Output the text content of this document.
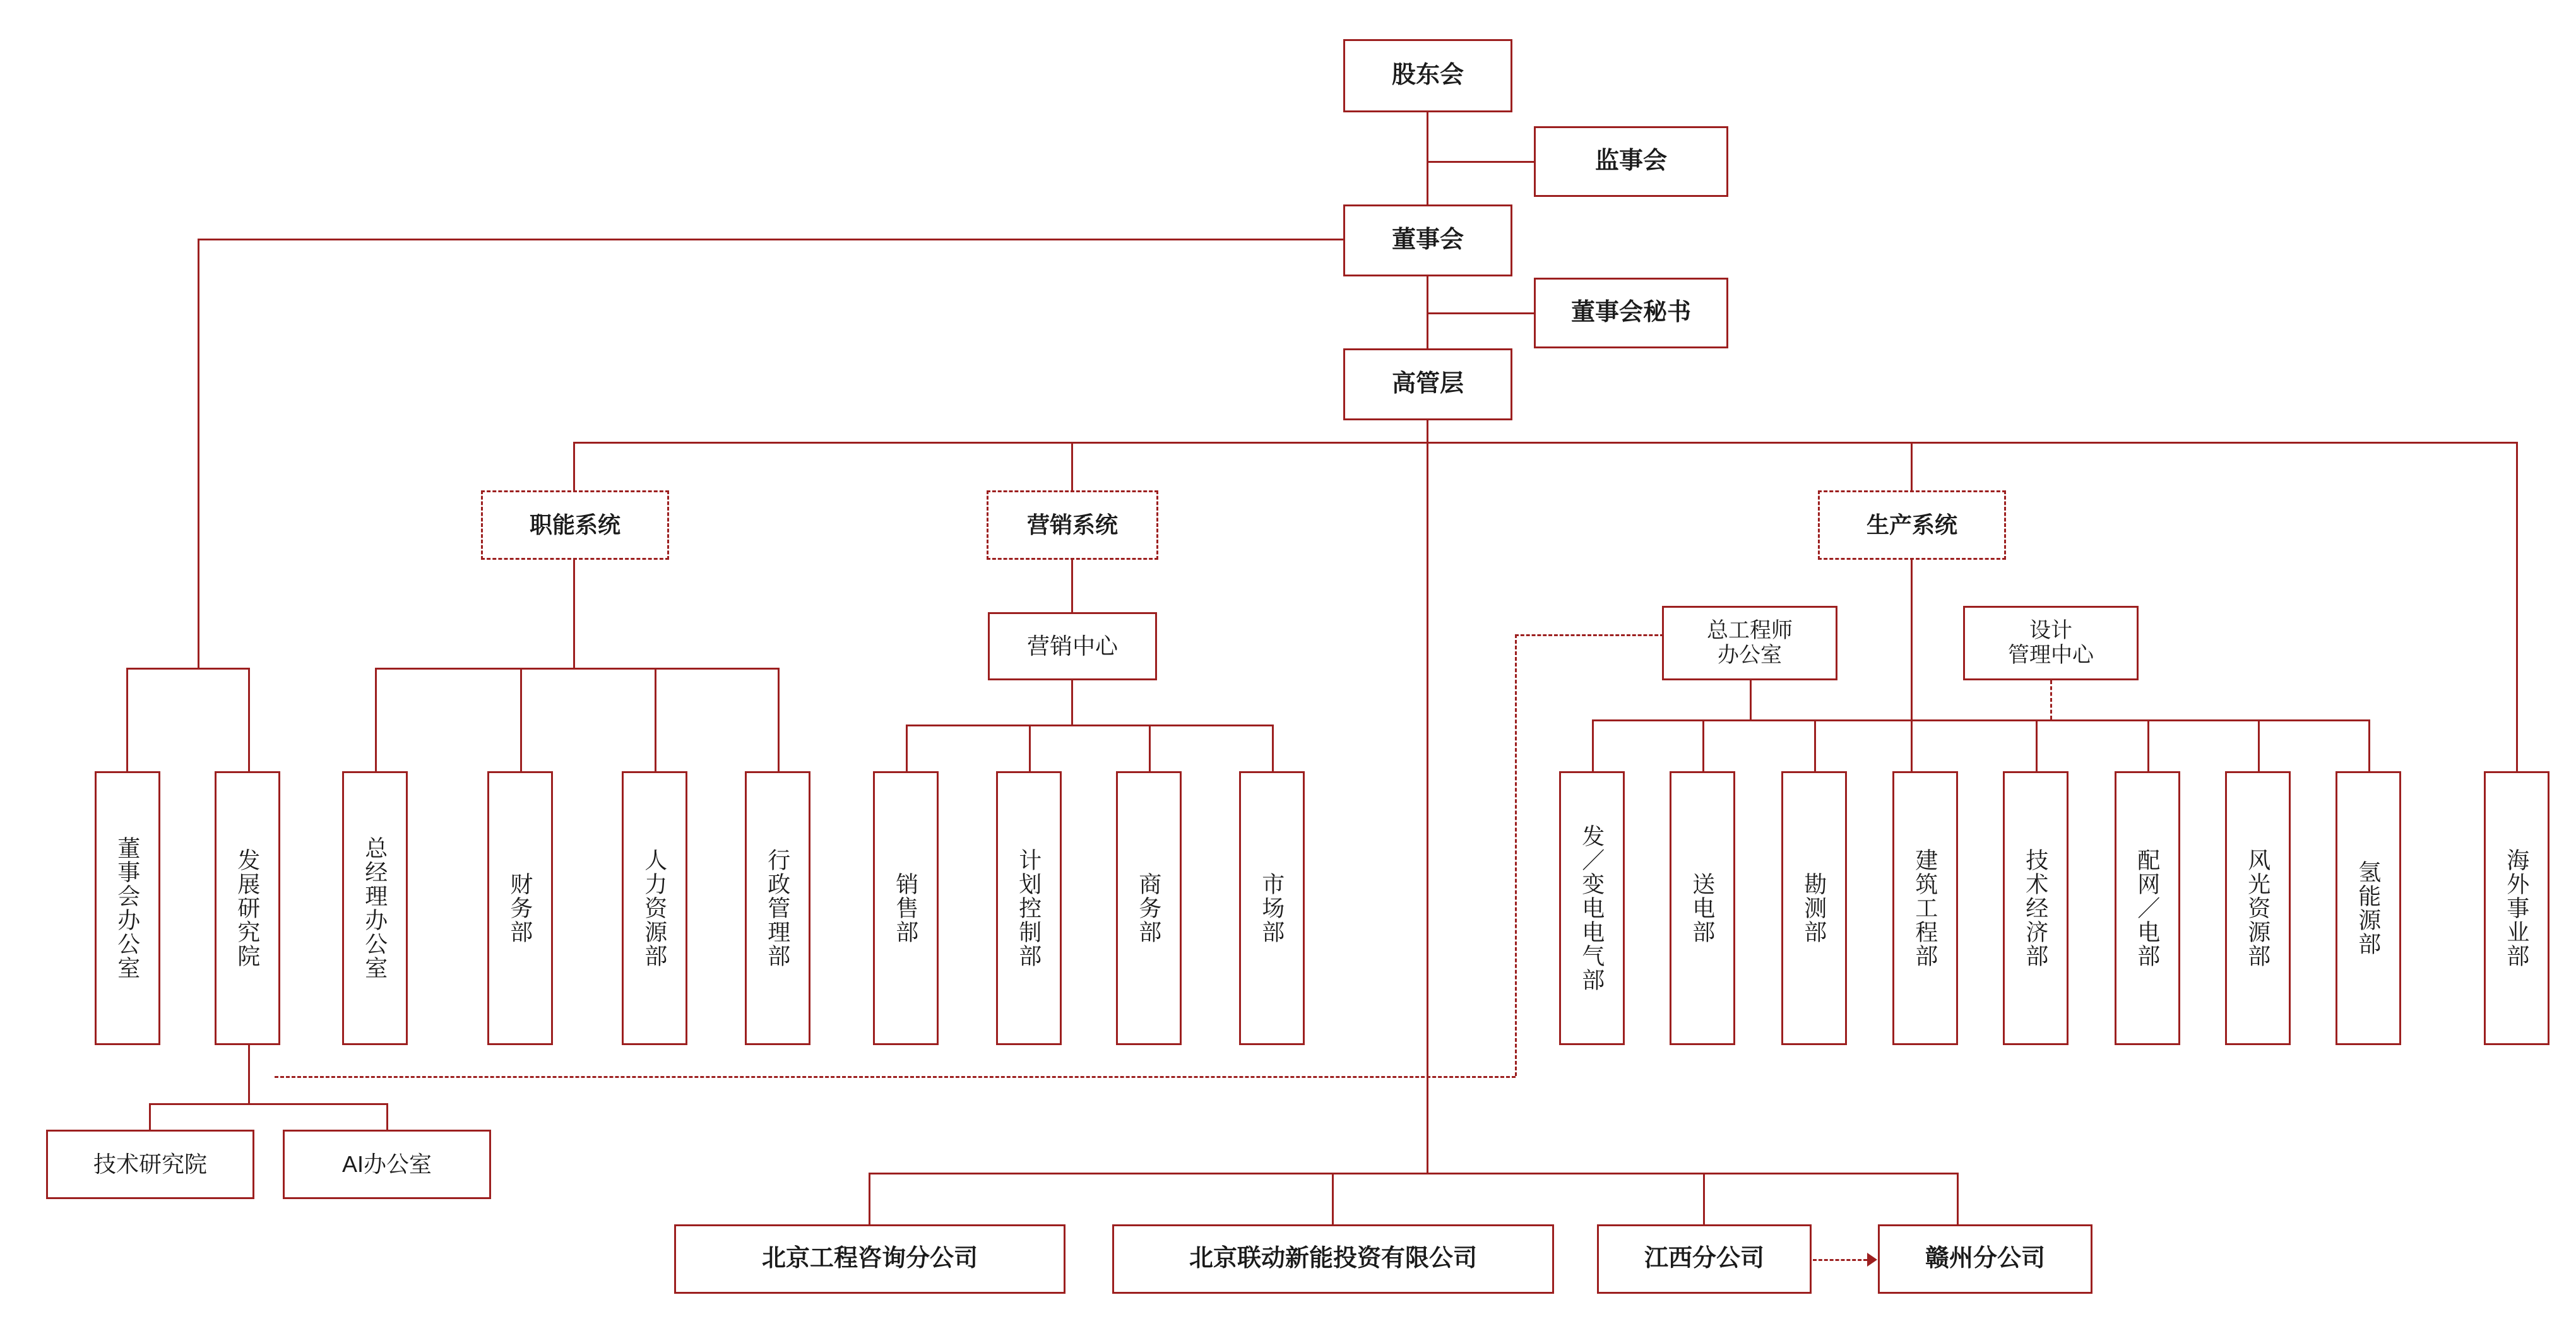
股东会
监事会
董事会
董事会秘书
高管层
职能系统	营销系统	生产系统
营销中心
总工程师
办公室
设计
管理中心
董事会办公室	发展研究院	总经理办公室	财务部	人力资源部	行政管理部	销售部	计划控制部	商务部	市场部	发／变电电气部	送电部	勘测部	建筑工程部	技术经济部	配网／电部	风光资源部	氢能源部	海外事业部
技术研究院	AI办公室
北京工程咨询分公司	北京联动新能投资有限公司	江西分公司	赣州分公司
